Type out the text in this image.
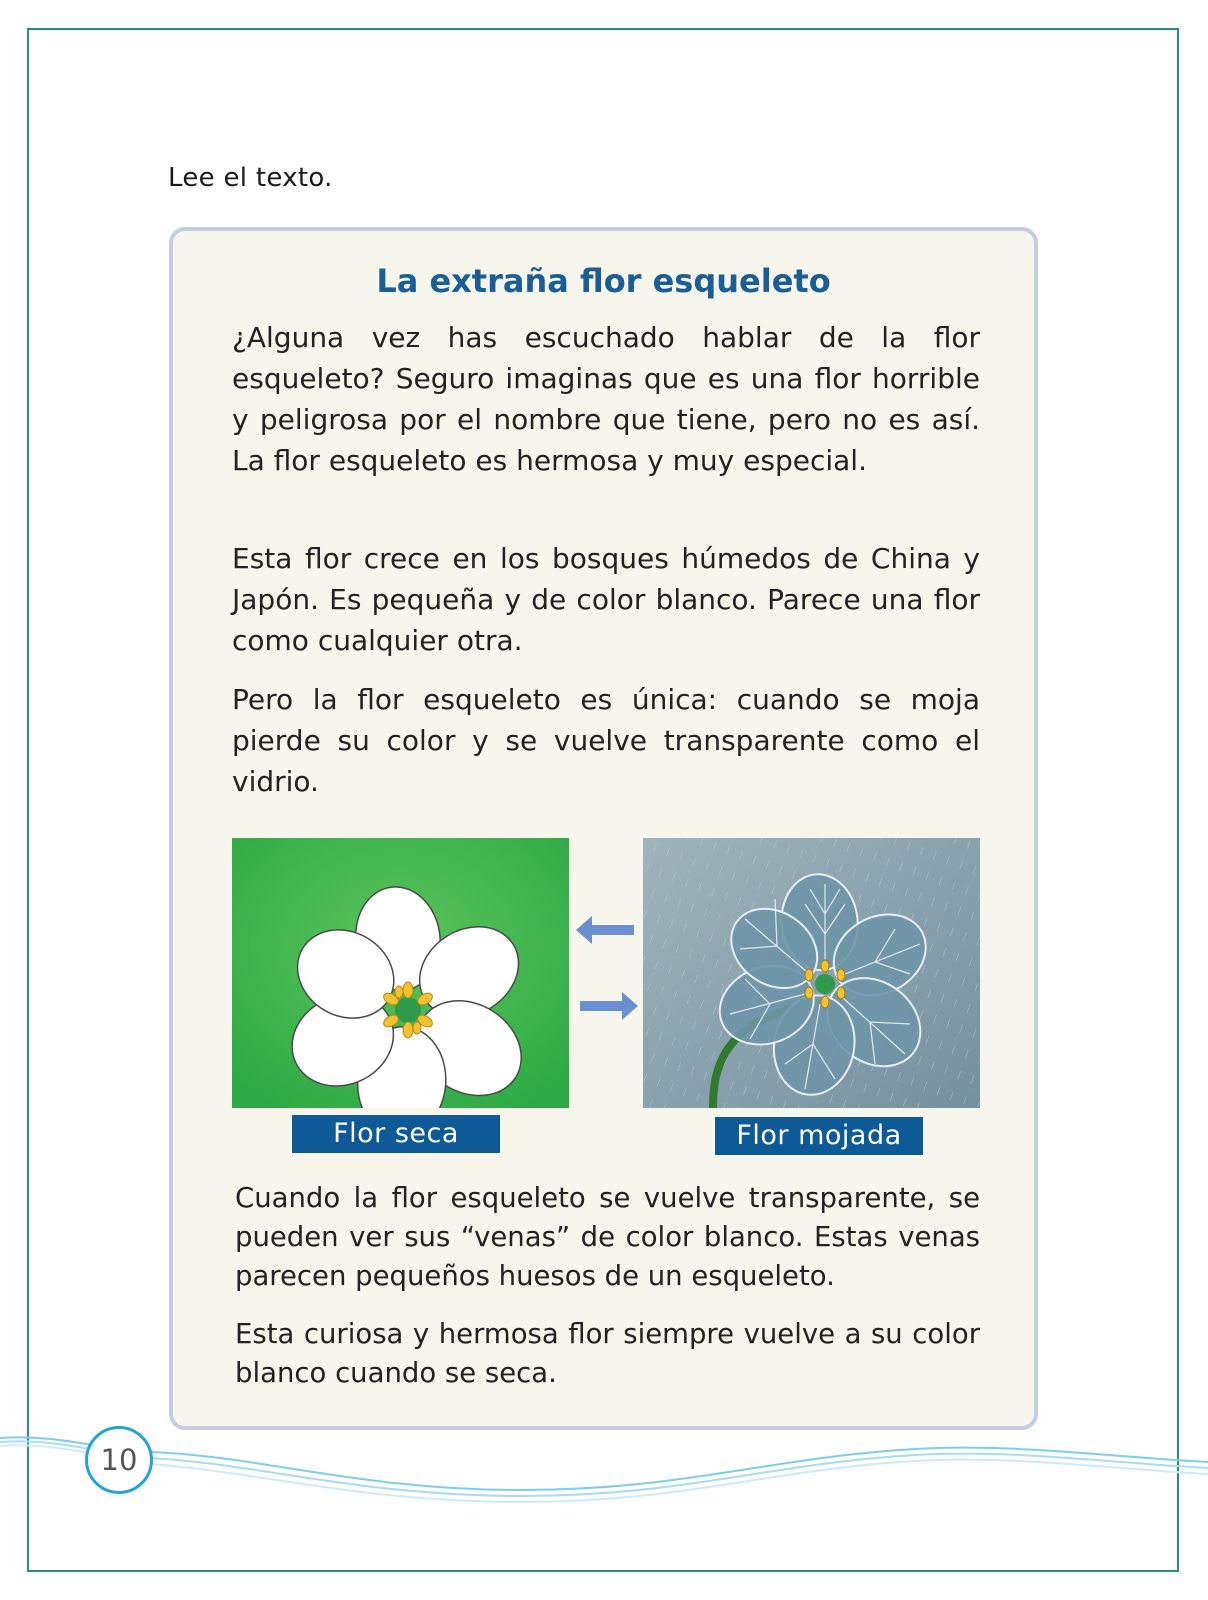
Lee el texto.
La extraña flor esqueleto

¿Alguna vez has escuchado hablar de la flor esqueleto? Seguro imaginas que es una flor horrible y peligrosa por el nombre que tiene, pero no es así. La flor esqueleto es hermosa y muy especial.

Esta flor crece en los bosques húmedos de China y Japón. Es pequeña y de color blanco. Parece una flor como cualquier otra.

Pero la flor esqueleto es única: cuando se moja pierde su color y se vuelve transparente como el vidrio.

Flor seca	Flor mojada

Cuando la flor esqueleto se vuelve transparente, se pueden ver sus “venas” de color blanco. Estas venas parecen pequeños huesos de un esqueleto.

Esta curiosa y hermosa flor siempre vuelve a su color blanco cuando se seca.

10
